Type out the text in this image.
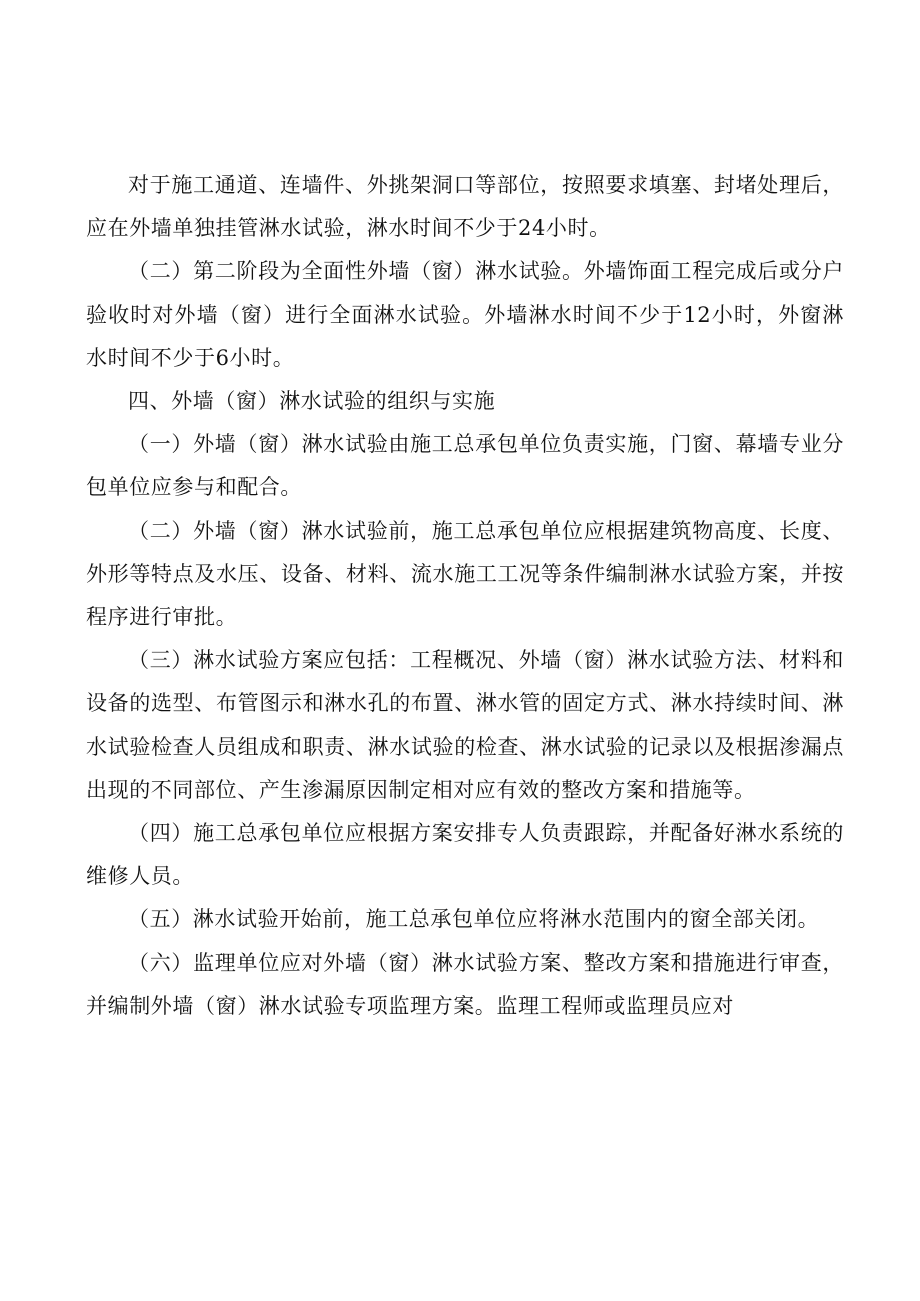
对于施工通道、连墙件、外挑架洞口等部位，按照要求填塞、封堵处理后，应在外墙单独挂管淋水试验，淋水时间不少于24小时。

（二）第二阶段为全面性外墙（窗）淋水试验。外墙饰面工程完成后或分户验收时对外墙（窗）进行全面淋水试验。外墙淋水时间不少于12小时，外窗淋水时间不少于6小时。

四、外墙（窗）淋水试验的组织与实施

（一）外墙（窗）淋水试验由施工总承包单位负责实施，门窗、幕墙专业分包单位应参与和配合。

（二）外墙（窗）淋水试验前，施工总承包单位应根据建筑物高度、长度、外形等特点及水压、设备、材料、流水施工工况等条件编制淋水试验方案，并按程序进行审批。

（三）淋水试验方案应包括：工程概况、外墙（窗）淋水试验方法、材料和设备的选型、布管图示和淋水孔的布置、淋水管的固定方式、淋水持续时间、淋水试验检查人员组成和职责、淋水试验的检查、淋水试验的记录以及根据渗漏点出现的不同部位、产生渗漏原因制定相对应有效的整改方案和措施等。

（四）施工总承包单位应根据方案安排专人负责跟踪，并配备好淋水系统的维修人员。

（五）淋水试验开始前，施工总承包单位应将淋水范围内的窗全部关闭。

（六）监理单位应对外墙（窗）淋水试验方案、整改方案和措施进行审查，并编制外墙（窗）淋水试验专项监理方案。监理工程师或监理员应对
